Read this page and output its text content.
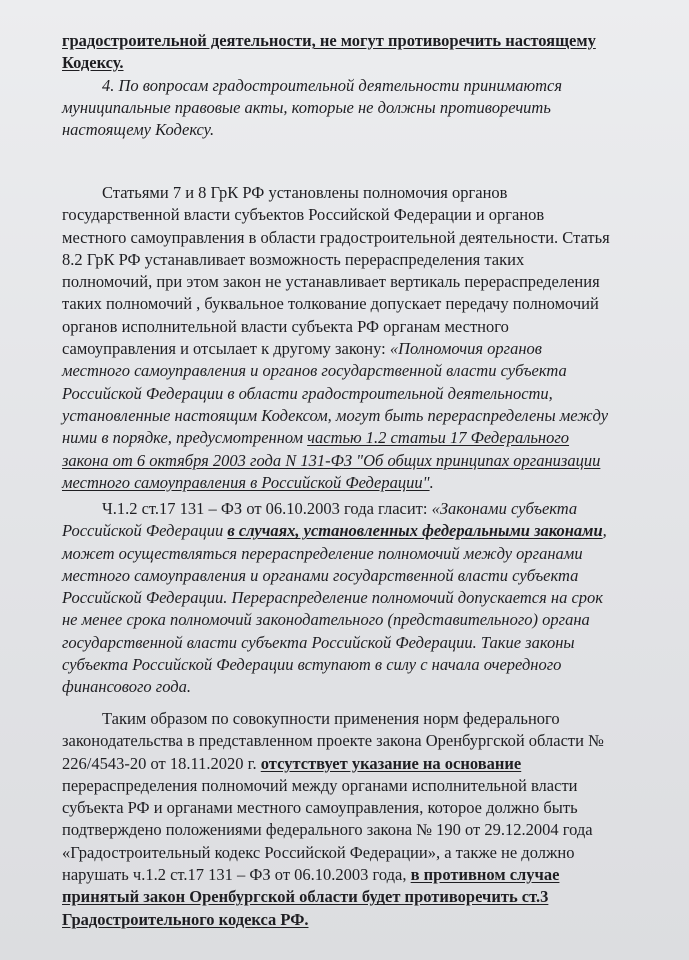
градостроительной деятельности, не могут противоречить настоящему
Кодексу.
4. По вопросам градостроительной деятельности принимаются
муниципальные правовые акты, которые не должны противоречить
настоящему Кодексу.
Статьями 7 и 8 ГрК РФ установлены полномочия органов
государственной власти субъектов Российской Федерации и органов
местного самоуправления в области градостроительной деятельности. Статья
8.2 ГрК РФ устанавливает возможность перераспределения таких
полномочий, при этом закон не устанавливает вертикаль перераспределения
таких полномочий , буквальное толкование допускает передачу полномочий
органов исполнительной власти субъекта РФ органам местного
самоуправления и отсылает к другому закону: «Полномочия органов
местного самоуправления и органов государственной власти субъекта
Российской Федерации в области градостроительной деятельности,
установленные настоящим Кодексом, могут быть перераспределены между
ними в порядке, предусмотренном частью 1.2 статьи 17 Федерального
закона от 6 октября 2003 года N 131-ФЗ "Об общих принципах организации
местного самоуправления в Российской Федерации".
Ч.1.2 ст.17 131 – ФЗ от 06.10.2003 года гласит: «Законами субъекта
Российской Федерации в случаях, установленных федеральными законами,
может осуществляться перераспределение полномочий между органами
местного самоуправления и органами государственной власти субъекта
Российской Федерации. Перераспределение полномочий допускается на срок
не менее срока полномочий законодательного (представительного) органа
государственной власти субъекта Российской Федерации. Такие законы
субъекта Российской Федерации вступают в силу с начала очередного
финансового года.
Таким образом по совокупности применения норм федерального
законодательства в представленном проекте закона Оренбургской области №
226/4543-20 от 18.11.2020 г. отсутствует указание на основание
перераспределения полномочий между органами исполнительной власти
субъекта РФ и органами местного самоуправления, которое должно быть
подтверждено положениями федерального закона № 190 от 29.12.2004 года
«Градостроительный кодекс Российской Федерации», а также не должно
нарушать ч.1.2 ст.17 131 – ФЗ от 06.10.2003 года, в противном случае
принятый закон Оренбургской области будет противоречить ст.3
Градостроительного кодекса РФ.
